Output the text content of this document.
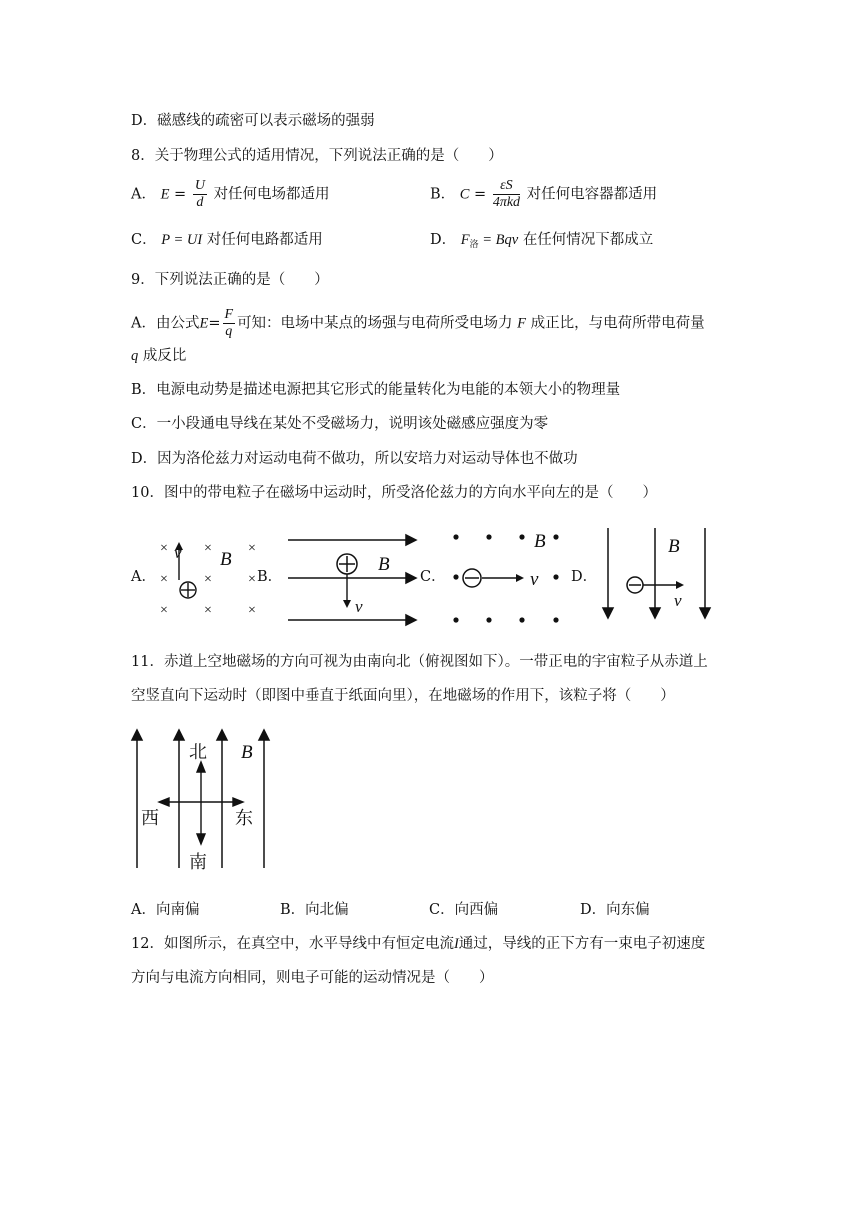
D．磁感线的疏密可以表示磁场的强弱
8．关于物理公式的适用情况，下列说法正确的是（　　）
A． $E = \frac{U}{d}$ 对任何电场都适用	B． $C = \frac{\varepsilon S}{\text{4πkd}}$ 对任何电容器都适用
C． P = UI 对任何电路都适用	D． $F_洛$ = Bqv 在任何情况下都成立
9．下列说法正确的是（　　）
A．由公式$E= \frac{F}{q}$ 可知：电场中某点的场强与电荷所受电场力 F 成正比，与电荷所带电荷量
q 成反比
B．电源电动势是描述电源把其它形式的能量转化为电能的本领大小的物理量
C．一小段通电导线在某处不受磁场力，说明该处磁感应强度为零
D．因为洛伦兹力对运动电荷不做功，所以安培力对运动导体也不做功
10．图中的带电粒子在磁场中运动时，所受洛伦兹力的方向水平向左的是（　　）
A．	B．	C．	D．
×	×	×
×	×	×
×	×	×
v B
v
B
v
B
v
B
11．赤道上空地磁场的方向可视为由南向北（俯视图如下）。一带正电的宇宙粒子从赤道上
空竖直向下运动时（即图中垂直于纸面向里），在地磁场的作用下，该粒子将（　　）
北
南
西	东
B
A．向南偏	B．向北偏	C．向西偏	D．向东偏
12．如图所示，在真空中，水平导线中有恒定电流I通过，导线的正下方有一束电子初速度
方向与电流方向相同，则电子可能的运动情况是（　　）
